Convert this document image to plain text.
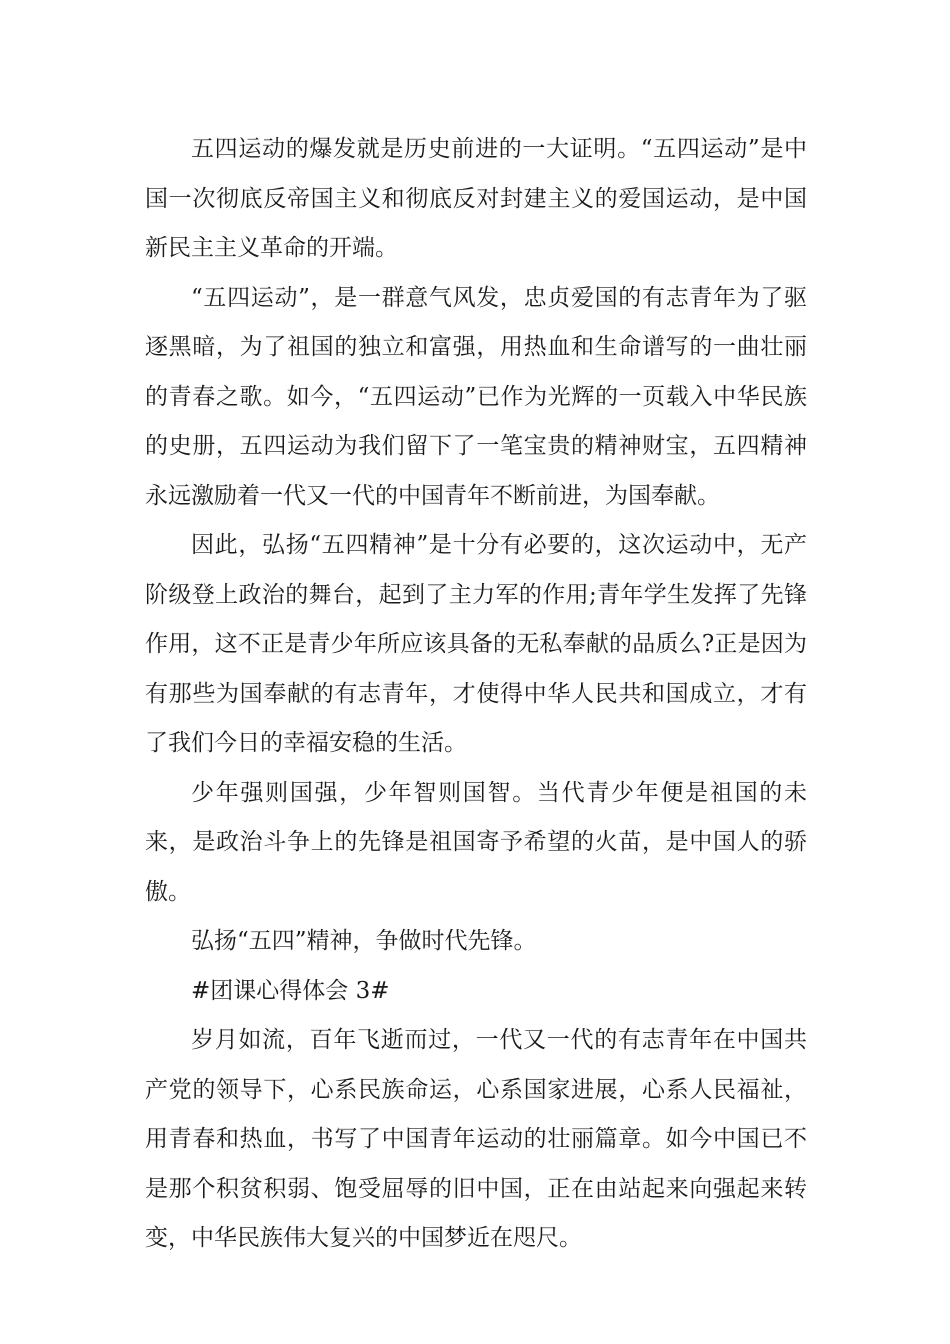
五四运动的爆发就是历史前进的一大证明。“五四运动”是中国一次彻底反帝国主义和彻底反对封建主义的爱国运动，是中国新民主主义革命的开端。

“五四运动”，是一群意气风发，忠贞爱国的有志青年为了驱逐黑暗，为了祖国的独立和富强，用热血和生命谱写的一曲壮丽的青春之歌。如今，“五四运动”已作为光辉的一页载入中华民族的史册，五四运动为我们留下了一笔宝贵的精神财宝，五四精神永远激励着一代又一代的中国青年不断前进，为国奉献。

因此，弘扬“五四精神”是十分有必要的，这次运动中，无产阶级登上政治的舞台，起到了主力军的作用;青年学生发挥了先锋作用，这不正是青少年所应该具备的无私奉献的品质么?正是因为有那些为国奉献的有志青年，才使得中华人民共和国成立，才有了我们今日的幸福安稳的生活。

少年强则国强，少年智则国智。当代青少年便是祖国的未来，是政治斗争上的先锋是祖国寄予希望的火苗，是中国人的骄傲。

弘扬“五四”精神，争做时代先锋。

#团课心得体会 3#

岁月如流，百年飞逝而过，一代又一代的有志青年在中国共产党的领导下，心系民族命运，心系国家进展，心系人民福祉，用青春和热血，书写了中国青年运动的壮丽篇章。如今中国已不是那个积贫积弱、饱受屈辱的旧中国，正在由站起来向强起来转变，中华民族伟大复兴的中国梦近在咫尺。
